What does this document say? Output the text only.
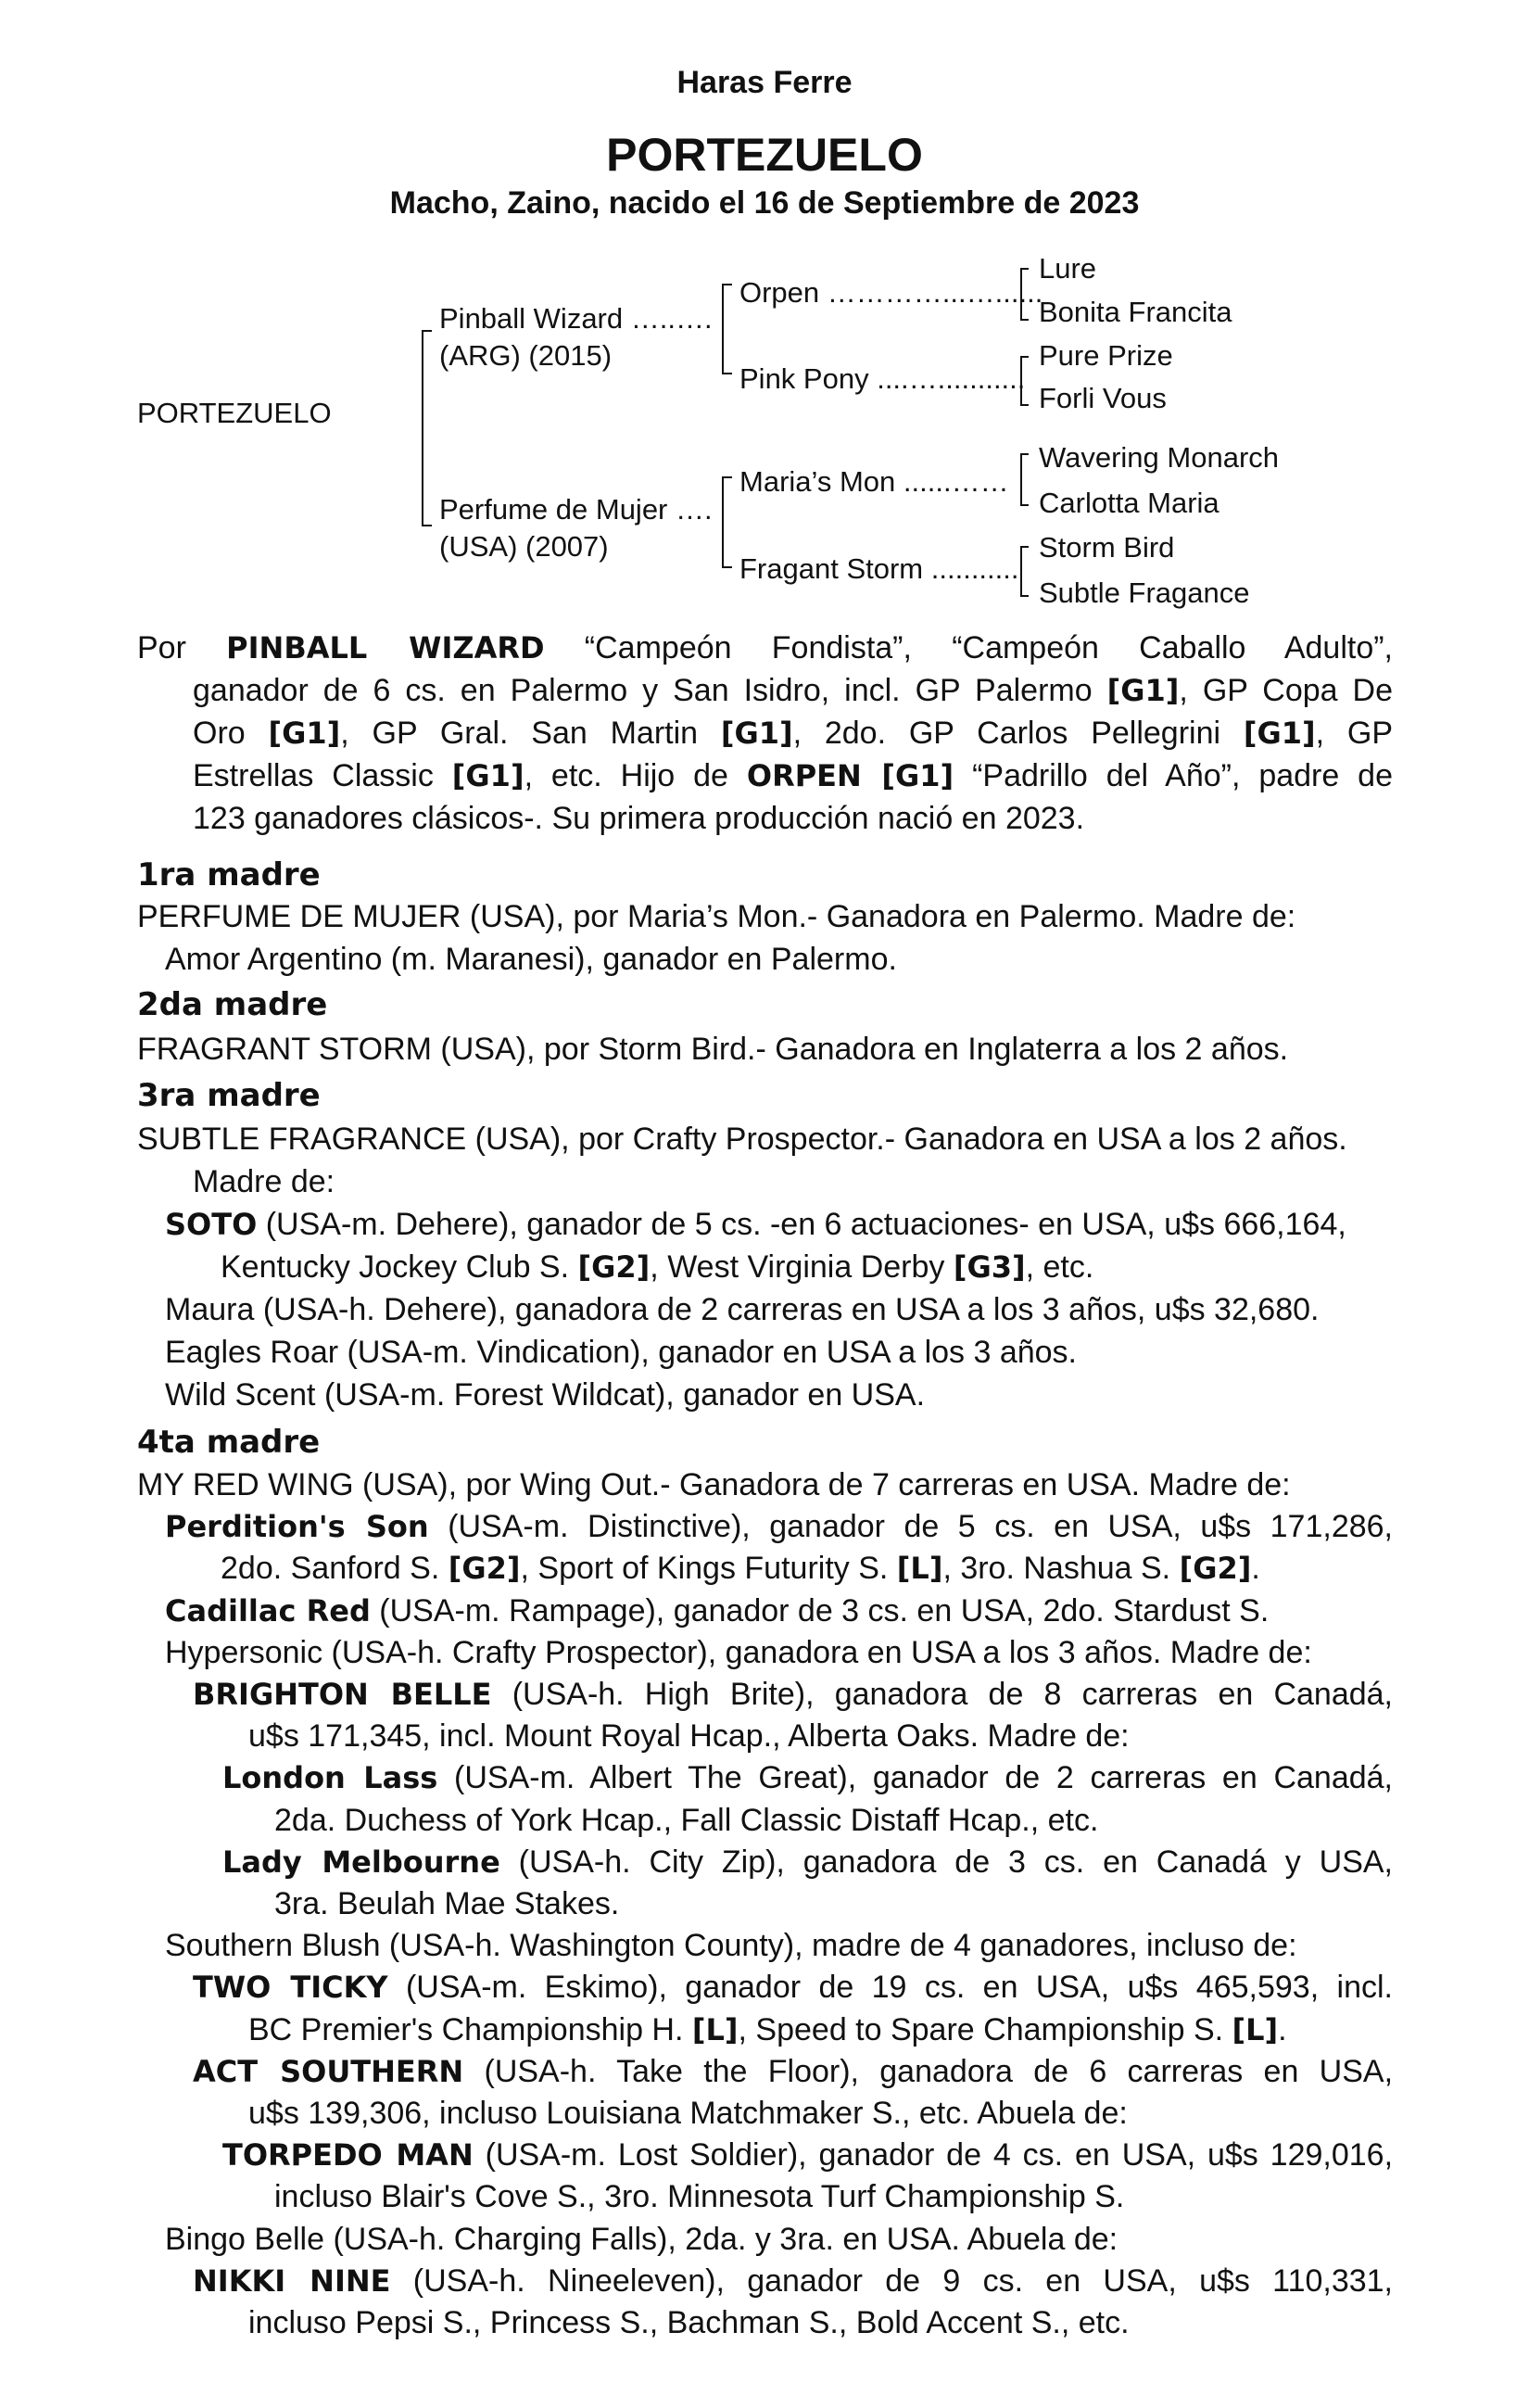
Haras Ferre
PORTEZUELO
Macho, Zaino, nacido el 16 de Septiembre de 2023
PORTEZUELO
Pinball Wizard …..….
(ARG) (2015)
Perfume de Mujer ….
(USA) (2007)
Orpen …………...…......
Pink Pony ....…...........
Maria’s Mon ......……
Fragant Storm ...........
Lure
Bonita Francita
Pure Prize
Forli Vous
Wavering Monarch
Carlotta Maria
Storm Bird
Subtle Fragance
Por PINBALL WIZARD “Campeón Fondista”, “Campeón Caballo Adulto”,
ganador de 6 cs. en Palermo y San Isidro, incl. GP Palermo [G1], GP Copa De
Oro [G1], GP Gral. San Martin [G1], 2do. GP Carlos Pellegrini [G1], GP
Estrellas Classic [G1], etc. Hijo de ORPEN [G1] “Padrillo del Año”, padre de
123 ganadores clásicos-. Su primera producción nació en 2023.
1ra madre
PERFUME DE MUJER (USA), por Maria’s Mon.- Ganadora en Palermo. Madre de:
Amor Argentino (m. Maranesi), ganador en Palermo.
2da madre
FRAGRANT STORM (USA), por Storm Bird.- Ganadora en Inglaterra a los 2 años.
3ra madre
SUBTLE FRAGRANCE (USA), por Crafty Prospector.- Ganadora en USA a los 2 años.
Madre de:
SOTO (USA-m. Dehere), ganador de 5 cs. -en 6 actuaciones- en USA, u$s 666,164,
Kentucky Jockey Club S. [G2], West Virginia Derby [G3], etc.
Maura (USA-h. Dehere), ganadora de 2 carreras en USA a los 3 años, u$s 32,680.
Eagles Roar (USA-m. Vindication), ganador en USA a los 3 años.
Wild Scent (USA-m. Forest Wildcat), ganador en USA.
4ta madre
MY RED WING (USA), por Wing Out.- Ganadora de 7 carreras en USA. Madre de:
Perdition's Son (USA-m. Distinctive), ganador de 5 cs. en USA, u$s 171,286,
2do. Sanford S. [G2], Sport of Kings Futurity S. [L], 3ro. Nashua S. [G2].
Cadillac Red (USA-m. Rampage), ganador de 3 cs. en USA, 2do. Stardust S.
Hypersonic (USA-h. Crafty Prospector), ganadora en USA a los 3 años. Madre de:
BRIGHTON BELLE (USA-h. High Brite), ganadora de 8 carreras en Canadá,
u$s 171,345, incl. Mount Royal Hcap., Alberta Oaks. Madre de:
London Lass (USA-m. Albert The Great), ganador de 2 carreras en Canadá,
2da. Duchess of York Hcap., Fall Classic Distaff Hcap., etc.
Lady Melbourne (USA-h. City Zip), ganadora de 3 cs. en Canadá y USA,
3ra. Beulah Mae Stakes.
Southern Blush (USA-h. Washington County), madre de 4 ganadores, incluso de:
TWO TICKY (USA-m. Eskimo), ganador de 19 cs. en USA, u$s 465,593, incl.
BC Premier's Championship H. [L], Speed to Spare Championship S. [L].
ACT SOUTHERN (USA-h. Take the Floor), ganadora de 6 carreras en USA,
u$s 139,306, incluso Louisiana Matchmaker S., etc. Abuela de:
TORPEDO MAN (USA-m. Lost Soldier), ganador de 4 cs. en USA, u$s 129,016,
incluso Blair's Cove S., 3ro. Minnesota Turf Championship S.
Bingo Belle (USA-h. Charging Falls), 2da. y 3ra. en USA. Abuela de:
NIKKI NINE (USA-h. Nineeleven), ganador de 9 cs. en USA, u$s 110,331,
incluso Pepsi S., Princess S., Bachman S., Bold Accent S., etc.
